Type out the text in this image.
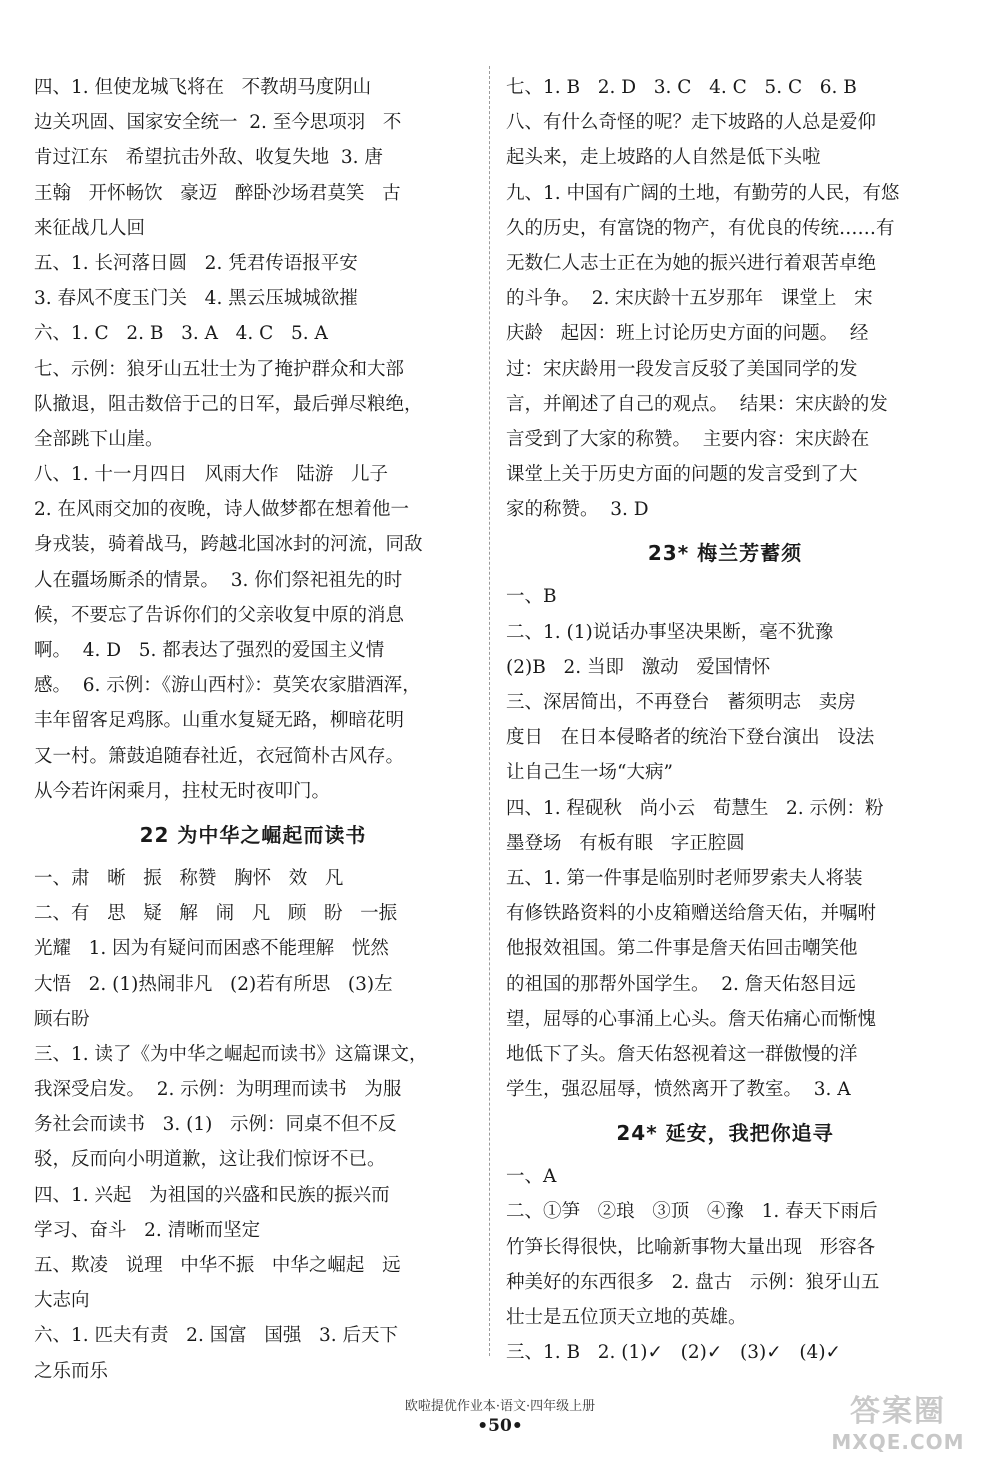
四、1. 但使龙城飞将在   不教胡马度阴山
边关巩固、国家安全统一  2. 至今思项羽   不
肯过江东   希望抗击外敌、收复失地  3. 唐
王翰   开怀畅饮   豪迈   醉卧沙场君莫笑   古
来征战几人回
五、1. 长河落日圆   2. 凭君传语报平安
3. 春风不度玉门关   4. 黑云压城城欲摧
六、1. C   2. B   3. A   4. C   5. A
七、示例：狼牙山五壮士为了掩护群众和大部
队撤退，阻击数倍于己的日军，最后弹尽粮绝，
全部跳下山崖。
八、1. 十一月四日   风雨大作   陆游   儿子
2. 在风雨交加的夜晚，诗人做梦都在想着他一
身戎装，骑着战马，跨越北国冰封的河流，同敌
人在疆场厮杀的情景。  3. 你们祭祀祖先的时
候，不要忘了告诉你们的父亲收复中原的消息
啊。  4. D   5. 都表达了强烈的爱国主义情
感。  6. 示例：《游山西村》：莫笑农家腊酒浑，
丰年留客足鸡豚。山重水复疑无路，柳暗花明
又一村。箫鼓追随春社近，衣冠简朴古风存。
从今若许闲乘月，拄杖无时夜叩门。
22 为中华之崛起而读书
一、肃   晰   振   称赞   胸怀   效   凡
二、有   思   疑   解   闹   凡   顾   盼   一振
光耀   1. 因为有疑问而困惑不能理解   恍然
大悟   2. (1)热闹非凡   (2)若有所思   (3)左
顾右盼
三、1. 读了《为中华之崛起而读书》这篇课文，
我深受启发。  2. 示例：为明理而读书   为服
务社会而读书   3. (1)   示例：同桌不但不反
驳，反而向小明道歉，这让我们惊讶不已。
四、1. 兴起   为祖国的兴盛和民族的振兴而
学习、奋斗   2. 清晰而坚定
五、欺凌   说理   中华不振   中华之崛起   远
大志向
六、1. 匹夫有责   2. 国富   国强   3. 后天下
之乐而乐
七、1. B   2. D   3. C   4. C   5. C   6. B
八、有什么奇怪的呢？走下坡路的人总是爱仰
起头来，走上坡路的人自然是低下头啦
九、1. 中国有广阔的土地，有勤劳的人民，有悠
久的历史，有富饶的物产，有优良的传统……有
无数仁人志士正在为她的振兴进行着艰苦卓绝
的斗争。  2. 宋庆龄十五岁那年   课堂上   宋
庆龄   起因：班上讨论历史方面的问题。  经
过：宋庆龄用一段发言反驳了美国同学的发
言，并阐述了自己的观点。  结果：宋庆龄的发
言受到了大家的称赞。  主要内容：宋庆龄在
课堂上关于历史方面的问题的发言受到了大
家的称赞。  3. D
23* 梅兰芳蓄须
一、B
二、1. (1)说话办事坚决果断，毫不犹豫
(2)B   2. 当即   激动   爱国情怀
三、深居简出，不再登台   蓄须明志   卖房
度日   在日本侵略者的统治下登台演出   设法
让自己生一场“大病”
四、1. 程砚秋   尚小云   荀慧生   2. 示例：粉
墨登场   有板有眼   字正腔圆
五、1. 第一件事是临别时老师罗索夫人将装
有修铁路资料的小皮箱赠送给詹天佑，并嘱咐
他报效祖国。第二件事是詹天佑回击嘲笑他
的祖国的那帮外国学生。  2. 詹天佑怒目远
望，屈辱的心事涌上心头。詹天佑痛心而惭愧
地低下了头。詹天佑怒视着这一群傲慢的洋
学生，强忍屈辱，愤然离开了教室。  3. A
24* 延安，我把你追寻
一、A
二、①笋   ②琅   ③顶   ④豫   1. 春天下雨后
竹笋长得很快，比喻新事物大量出现   形容各
种美好的东西很多   2. 盘古   示例：狼牙山五
壮士是五位顶天立地的英雄。
三、1. B   2. (1)✓   (2)✓   (3)✓   (4)✓
欧啦提优作业本·语文·四年级上册
•50•	答案圈
MXQE.COM
